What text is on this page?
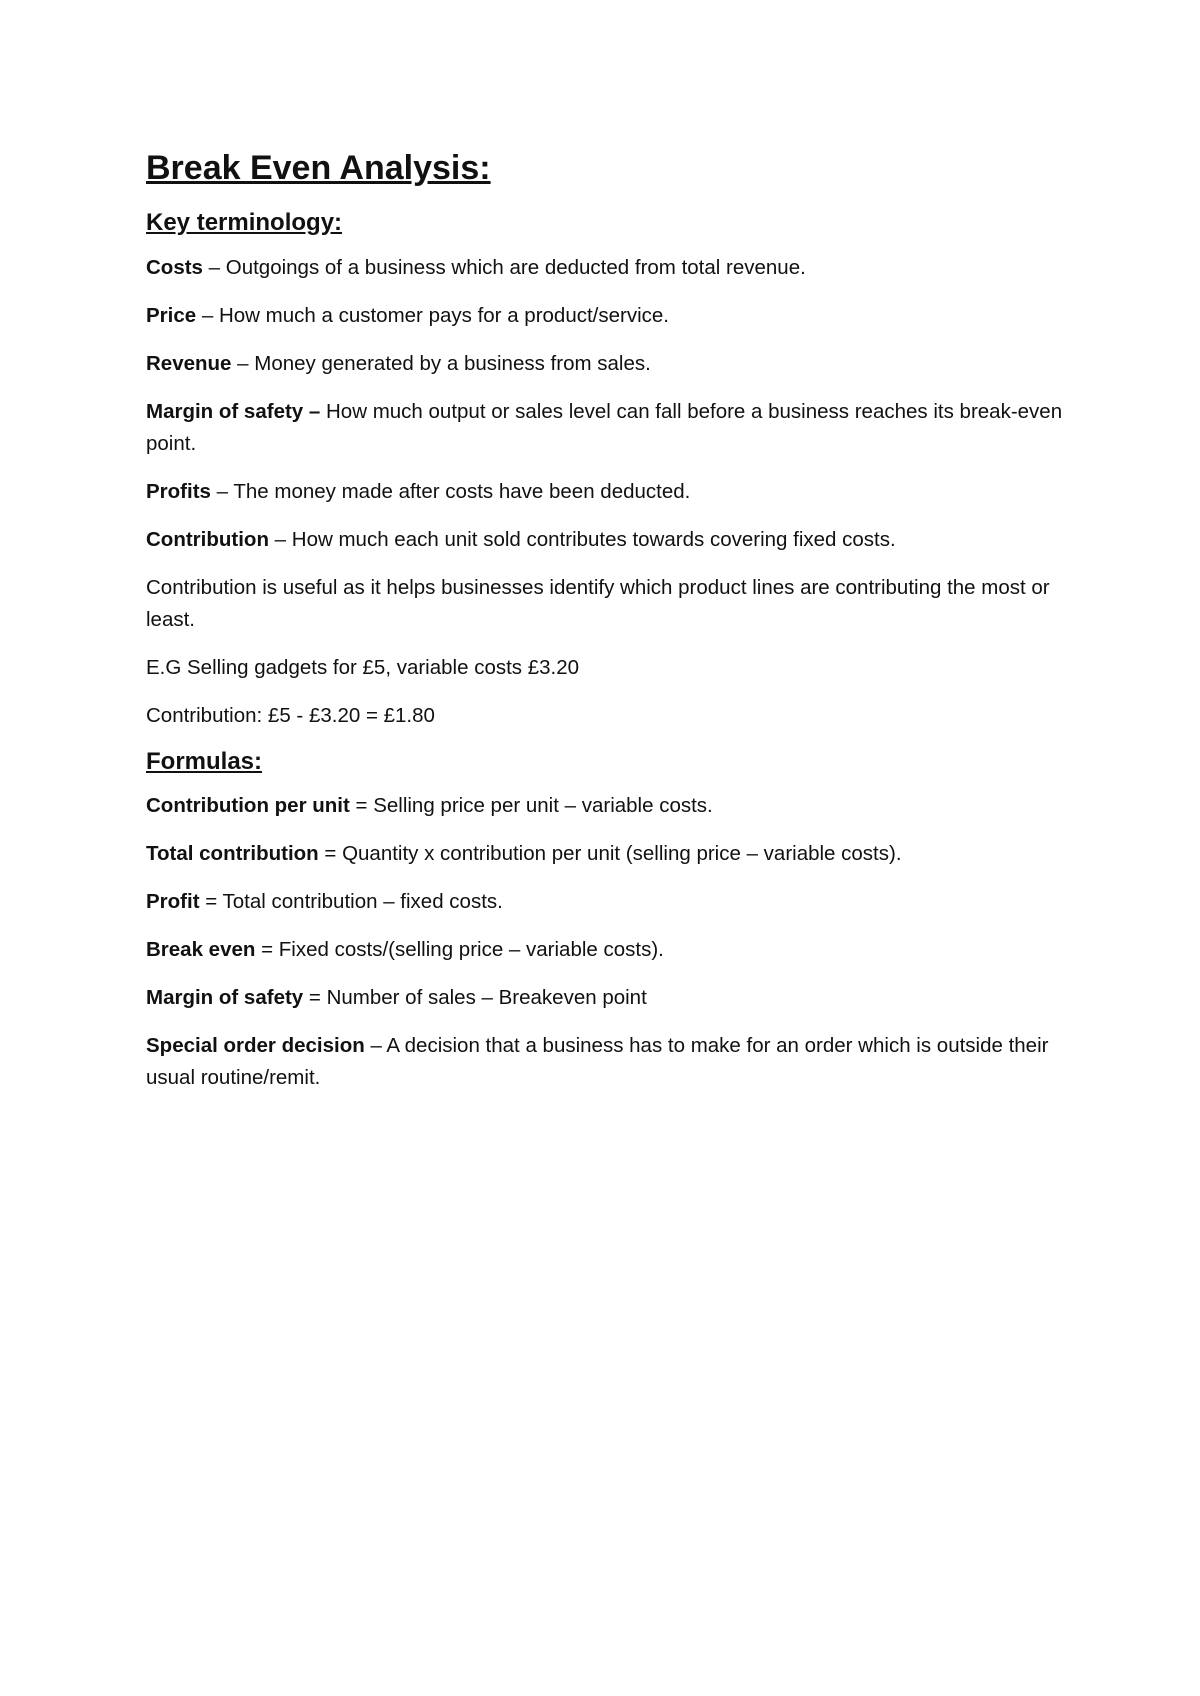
Break Even Analysis:
Key terminology:

Costs – Outgoings of a business which are deducted from total revenue.

Price – How much a customer pays for a product/service.

Revenue – Money generated by a business from sales.

Margin of safety – How much output or sales level can fall before a business reaches its break-even point.

Profits – The money made after costs have been deducted.

Contribution – How much each unit sold contributes towards covering fixed costs.

Contribution is useful as it helps businesses identify which product lines are contributing the most or least.

E.G Selling gadgets for £5, variable costs £3.20

Contribution: £5 - £3.20 = £1.80

Formulas:

Contribution per unit = Selling price per unit – variable costs.

Total contribution = Quantity x contribution per unit (selling price – variable costs).

Profit = Total contribution – fixed costs.

Break even = Fixed costs/(selling price – variable costs).

Margin of safety = Number of sales – Breakeven point

Special order decision – A decision that a business has to make for an order which is outside their usual routine/remit.
